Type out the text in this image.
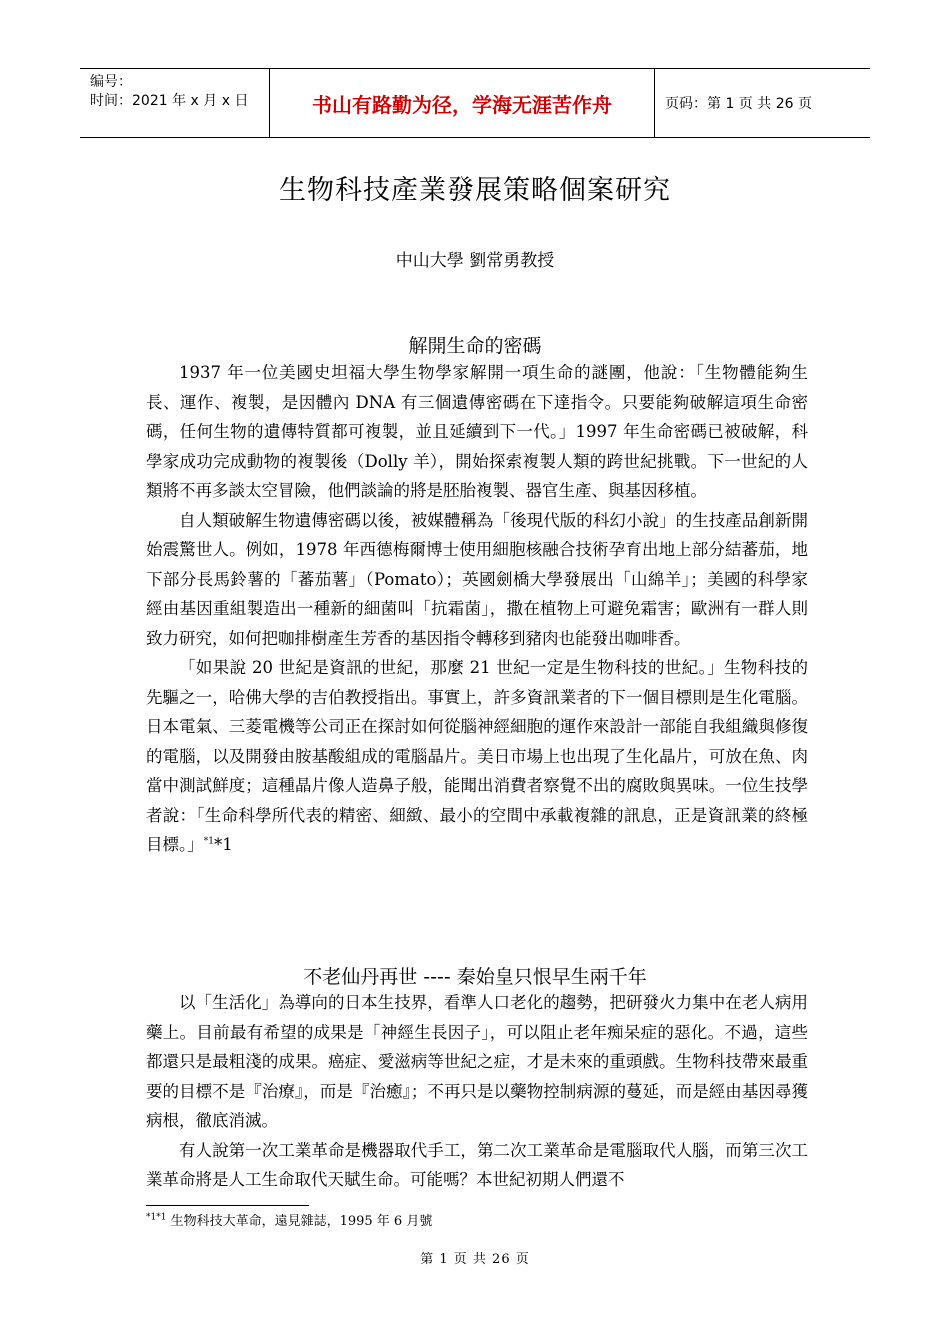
编号：
时间：2021 年 x 月 x 日	书山有路勤为径，学海无涯苦作舟	页码：第 1 页 共 26 页
生物科技產業發展策略個案研究
中山大學 劉常勇教授
解開生命的密碼

1937 年一位美國史坦福大學生物學家解開一項生命的謎團，他說：「生物體能夠生長、運作、複製，是因體內 DNA 有三個遺傳密碼在下達指令。只要能夠破解這項生命密碼，任何生物的遺傳特質都可複製，並且延續到下一代。」1997 年生命密碼已被破解，科學家成功完成動物的複製後（Dolly 羊），開始探索複製人類的跨世紀挑戰。下一世紀的人類將不再多談太空冒險，他們談論的將是胚胎複製、器官生產、與基因移植。

自人類破解生物遺傳密碼以後，被媒體稱為「後現代版的科幻小說」的生技產品創新開始震驚世人。例如，1978 年西德梅爾博士使用細胞核融合技術孕育出地上部分結蕃茄，地下部分長馬鈴薯的「蕃茄薯」（Pomato）；英國劍橋大學發展出「山綿羊」；美國的科學家經由基因重組製造出一種新的細菌叫「抗霜菌」，撒在植物上可避免霜害；歐洲有一群人則致力研究，如何把咖排樹產生芳香的基因指令轉移到豬肉也能發出咖啡香。

「如果說 20 世紀是資訊的世紀，那麼 21 世紀一定是生物科技的世紀。」生物科技的先驅之一，哈佛大學的吉伯教授指出。事實上，許多資訊業者的下一個目標則是生化電腦。日本電氣、三菱電機等公司正在探討如何從腦神經細胞的運作來設計一部能自我組織與修復的電腦，以及開發由胺基酸組成的電腦晶片。美日市場上也出現了生化晶片，可放在魚、肉當中測試鮮度；這種晶片像人造鼻子般，能聞出消費者察覺不出的腐敗與異味。一位生技學者說：「生命科學所代表的精密、細緻、最小的空間中承載複雜的訊息，正是資訊業的終極目標。」$^{*1}$*1

不老仙丹再世 ---- 秦始皇只恨早生兩千年

以「生活化」為導向的日本生技界，看準人口老化的趨勢，把研發火力集中在老人病用藥上。目前最有希望的成果是「神經生長因子」，可以阻止老年痴呆症的惡化。不過，這些都還只是最粗淺的成果。癌症、愛滋病等世紀之症，才是未來的重頭戲。生物科技帶來最重要的目標不是『治療』，而是『治癒』；不再只是以藥物控制病源的蔓延，而是經由基因尋獲病根，徹底消滅。

有人說第一次工業革命是機器取代手工，第二次工業革命是電腦取代人腦，而第三次工業革命將是人工生命取代天賦生命。可能嗎？本世紀初期人們還不

$^{*1*1}$ 生物科技大革命，遠見雜誌，1995 年 6 月號
第 1 页 共 26 页
